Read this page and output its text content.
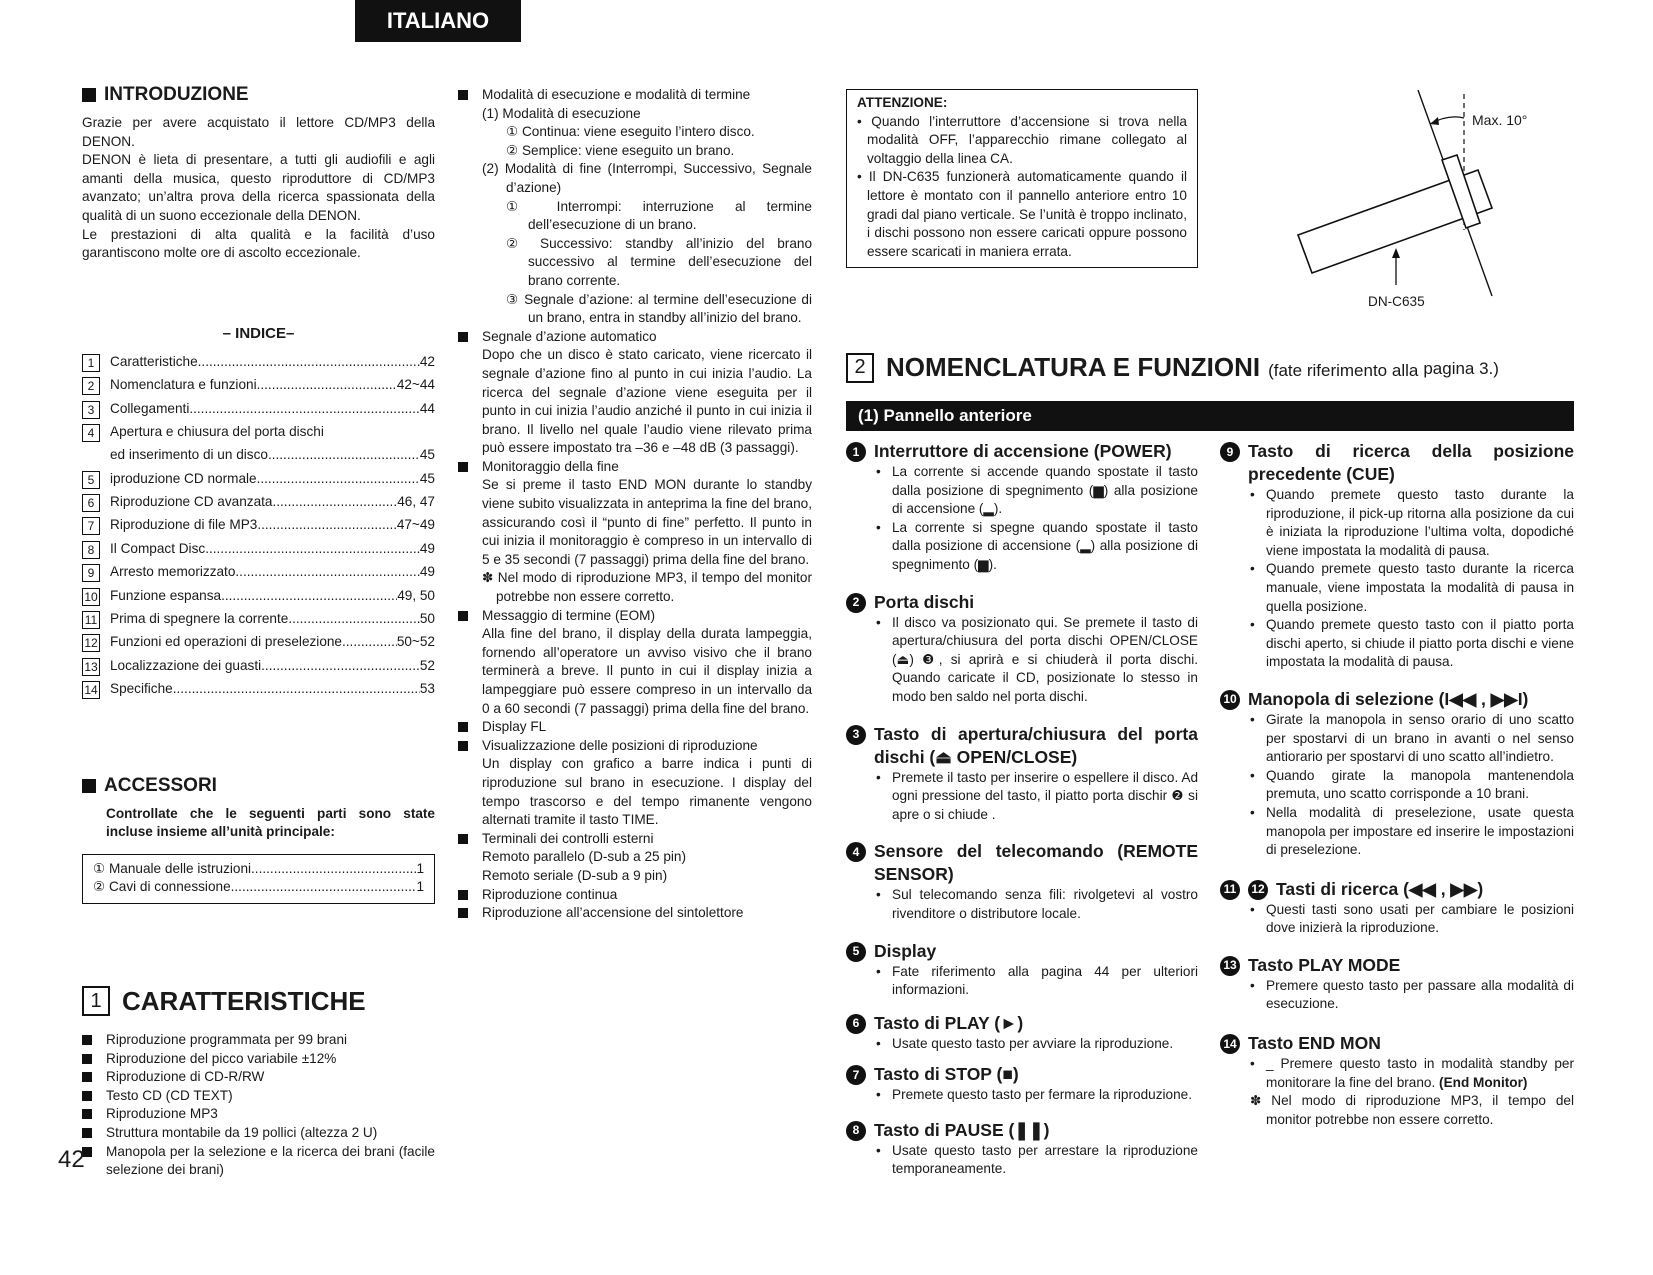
ITALIANO
INTRODUZIONE

Grazie per avere acquistato il lettore CD/MP3 della DENON.

DENON è lieta di presentare, a tutti gli audiofili e agli amanti della musica, questo riproduttore di CD/MP3 avanzato; un’altra prova della ricerca spassionata della qualità di un suono eccezionale della DENON.

Le prestazioni di alta qualità e la facilità d’uso garantiscono molte ore di ascolto eccezionale.

– INDICE–
1	Caratteristiche .....	42
2	Nomenclatura e funzioni .....	42~44
3	Collegamenti .....	44
4	Apertura e chiusura del porta dischi
ed inserimento di un disco .....	45
5	iproduzione CD normale .....	45
6	Riproduzione CD avanzata .....	46, 47
7	Riproduzione di file MP3 .....	47~49
8	Il Compact Disc .....	49
9	Arresto memorizzato .....	49
10 Funzione espansa .....	49, 50
11 Prima di spegnere la corrente .....	50
12 Funzioni ed operazioni di preselezione .....	50~52
13 Localizzazione dei guasti .....	52
14 Specifiche .....	53
ACCESSORI
Controllate che le seguenti parti sono state incluse insieme all’unità principale:
① Manuale delle istruzioni .....	1
② Cavi di connessione .....	1
1 CARATTERISTICHE
Riproduzione programmata per 99 brani
Riproduzione del picco variabile ±12%
Riproduzione di CD-R/RW
Testo CD (CD TEXT)
Riproduzione MP3
Struttura montabile da 19 pollici (altezza 2 U)
Manopola per la selezione e la ricerca dei brani (facile selezione dei brani)
Modalità di esecuzione e modalità di termine
(1) Modalità di esecuzione
① Continua: viene eseguito l’intero disco.
② Semplice: viene eseguito un brano.
(2) Modalità di fine (Interrompi, Successivo, Segnale d’azione)
① Interrompi: interruzione al termine dell’esecuzione di un brano.
② Successivo: standby all’inizio del brano successivo al termine dell’esecuzione del brano corrente.
③ Segnale d’azione: al termine dell’esecuzione di un brano, entra in standby all’inizio del brano.
Segnale d’azione automatico
Dopo che un disco è stato caricato, viene ricercato il segnale d’azione fino al punto in cui inizia l’audio. La ricerca del segnale d’azione viene eseguita per il punto in cui inizia l’audio anziché il punto in cui inizia il brano. Il livello nel quale l’audio viene rilevato prima può essere impostato tra –36 e –48 dB (3 passaggi).
Monitoraggio della fine
Se si preme il tasto END MON durante lo standby viene subito visualizzata in anteprima la fine del brano, assicurando così il “punto di fine” perfetto. Il punto in cui inizia il monitoraggio è compreso in un intervallo di 5 e 35 secondi (7 passaggi) prima della fine del brano.
✽ Nel modo di riproduzione MP3, il tempo del monitor potrebbe non essere corretto.
Messaggio di termine (EOM)
Alla fine del brano, il display della durata lampeggia, fornendo all’operatore un avviso visivo che il brano terminerà a breve. Il punto in cui il display inizia a lampeggiare può essere compreso in un intervallo da 0 a 60 secondi (7 passaggi) prima della fine del brano.
Display FL
Visualizzazione delle posizioni di riproduzione
Un display con grafico a barre indica i punti di riproduzione sul brano in esecuzione. I display del tempo trascorso e del tempo rimanente vengono alternati tramite il tasto TIME.
Terminali dei controlli esterni
Remoto parallelo (D-sub a 25 pin)
Remoto seriale (D-sub a 9 pin)
Riproduzione continua
Riproduzione all’accensione del sintolettore
ATTENZIONE:
• Quando l’interruttore d’accensione si trova nella modalità OFF, l’apparecchio rimane collegato al voltaggio della linea CA.
• Il DN-C635 funzionerà automaticamente quando il lettore è montato con il pannello anteriore entro 10 gradi dal piano verticale. Se l’unità è troppo inclinato, i dischi possono non essere caricati oppure possono essere scaricati in maniera errata.
Max. 10°
DN-C635
2 NOMENCLATURA E FUNZIONI (fate riferimento alla pagina 3.)
(1) Pannello anteriore
1 Interruttore di accensione (POWER)
• La corrente si accende quando spostate il tasto dalla posizione di spegnimento (▆) alla posizione di accensione (▂).
• La corrente si spegne quando spostate il tasto dalla posizione di accensione (▂) alla posizione di spegnimento (▆).
2 Porta dischi
• Il disco va posizionato qui. Se premete il tasto di apertura/chiusura del porta dischi OPEN/CLOSE (⏏) ❸, si aprirà e si chiuderà il porta dischi. Quando caricate il CD, posizionate lo stesso in modo ben saldo nel porta dischi.
3 Tasto di apertura/chiusura del porta dischi (⏏ OPEN/CLOSE)
• Premete il tasto per inserire o espellere il disco. Ad ogni pressione del tasto, il piatto porta dischir ❷ si apre o si chiude .
4 Sensore del telecomando (REMOTE SENSOR)
• Sul telecomando senza fili: rivolgetevi al vostro rivenditore o distributore locale.
5 Display
• Fate riferimento alla pagina 44 per ulteriori informazioni.
6 Tasto di PLAY (►)
• Usate questo tasto per avviare la riproduzione.
7 Tasto di STOP (■)
• Premete questo tasto per fermare la riproduzione.
8 Tasto di PAUSE (❚❚)
• Usate questo tasto per arrestare la riproduzione temporaneamente.
9 Tasto di ricerca della posizione precedente (CUE)
• Quando premete questo tasto durante la riproduzione, il pick-up ritorna alla posizione da cui è iniziata la riproduzione l’ultima volta, dopodiché viene impostata la modalità di pausa.
• Quando premete questo tasto durante la ricerca manuale, viene impostata la modalità di pausa in quella posizione.
• Quando premete questo tasto con il piatto porta dischi aperto, si chiude il piatto porta dischi e viene impostata la modalità di pausa.
10 Manopola di selezione (I◀◀ , ▶▶I)
• Girate la manopola in senso orario di uno scatto per spostarvi di un brano in avanti o nel senso antiorario per spostarvi di uno scatto all’indietro.
• Quando girate la manopola mantenendola premuta, uno scatto corrisponde a 10 brani.
• Nella modalità di preselezione, usate questa manopola per impostare ed inserire le impostazioni di preselezione.
11	12 Tasti di ricerca (◀◀ , ▶▶)
• Questi tasti sono usati per cambiare le posizioni dove inizierà la riproduzione.
13 Tasto PLAY MODE
• Premere questo tasto per passare alla modalità di esecuzione.
14 Tasto END MON
• _ Premere questo tasto in modalità standby per monitorare la fine del brano. (End Monitor)
✽ Nel modo di riproduzione MP3, il tempo del monitor potrebbe non essere corretto.
42
